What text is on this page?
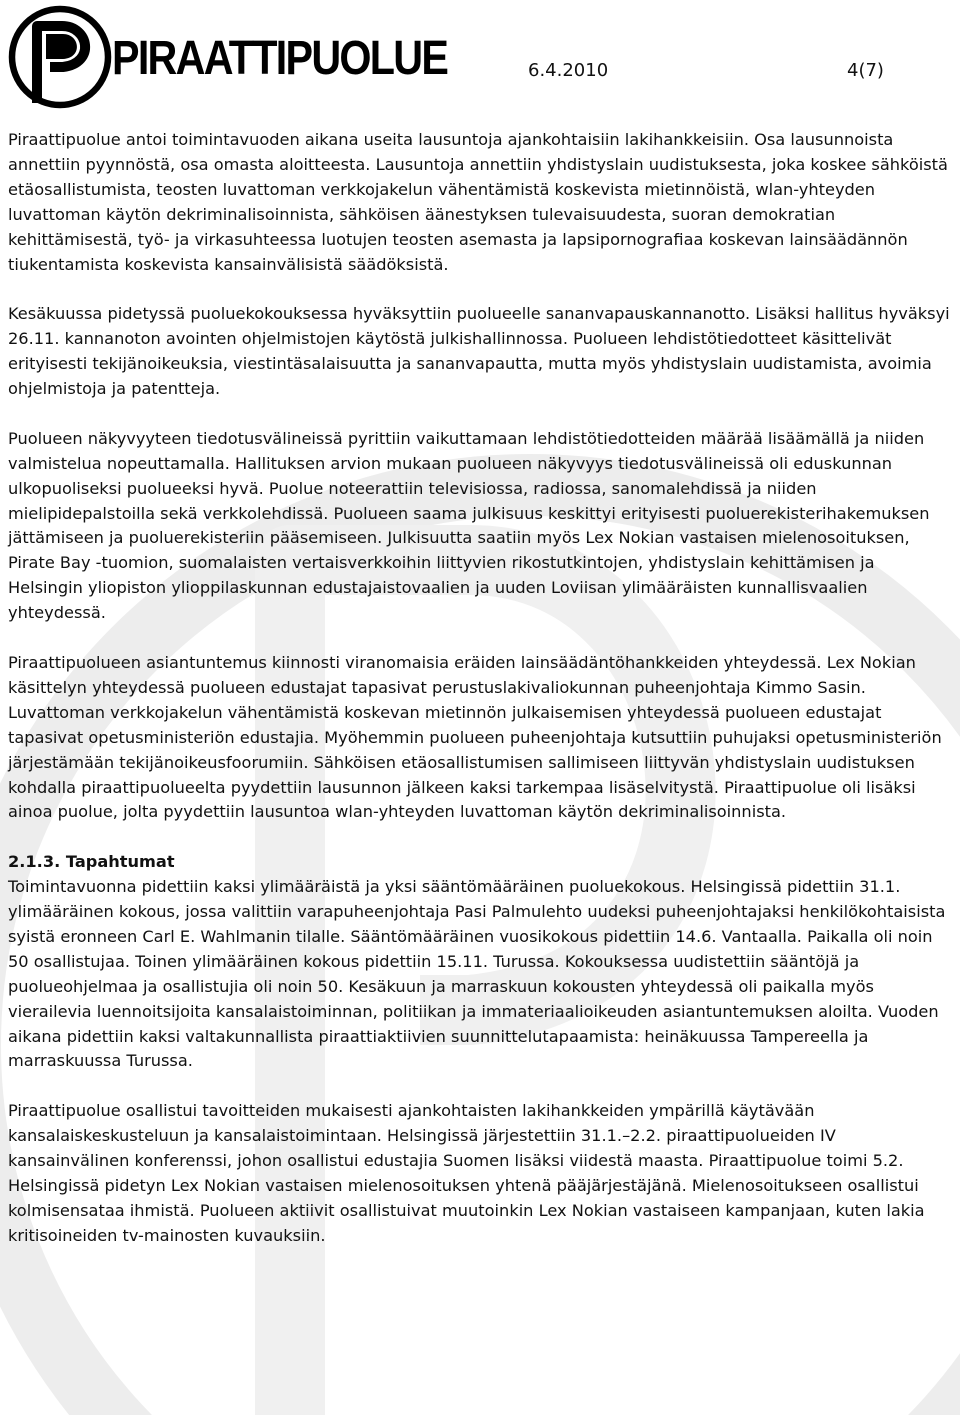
PIRAATTIPUOLUE	6.4.2010	4(7)

Piraattipuolue antoi toimintavuoden aikana useita lausuntoja ajankohtaisiin lakihankkeisiin. Osa lausunnoista annettiin pyynnöstä, osa omasta aloitteesta. Lausuntoja annettiin yhdistyslain uudistuksesta, joka koskee sähköistä etäosallistumista, teosten luvattoman verkkojakelun vähentämistä koskevista mietinnöistä, wlan-yhteyden luvattoman käytön dekriminalisoinnista, sähköisen äänestyksen tulevaisuudesta, suoran demokratian kehittämisestä, työ- ja virkasuhteessa luotujen teosten asemasta ja lapsipornografiaa koskevan lainsäädännön tiukentamista koskevista kansainvälisistä säädöksistä.

Kesäkuussa pidetyssä puoluekokouksessa hyväksyttiin puolueelle sananvapauskannanotto. Lisäksi hallitus hyväksyi 26.11. kannanoton avointen ohjelmistojen käytöstä julkishallinnossa. Puolueen lehdistötiedotteet käsittelivät erityisesti tekijänoikeuksia, viestintäsalaisuutta ja sananvapautta, mutta myös yhdistyslain uudistamista, avoimia ohjelmistoja ja patentteja.

Puolueen näkyvyyteen tiedotusvälineissä pyrittiin vaikuttamaan lehdistötiedotteiden määrää lisäämällä ja niiden valmistelua nopeuttamalla. Hallituksen arvion mukaan puolueen näkyvyys tiedotusvälineissä oli eduskunnan ulkopuoliseksi puolueeksi hyvä. Puolue noteerattiin televisiossa, radiossa, sanomalehdissä ja niiden mielipidepalstoilla sekä verkkolehdissä. Puolueen saama julkisuus keskittyi erityisesti puoluerekisterihakemuksen jättämiseen ja puoluerekisteriin pääsemiseen. Julkisuutta saatiin myös Lex Nokian vastaisen mielenosoituksen, Pirate Bay -tuomion, suomalaisten vertaisverkkoihin liittyvien rikostutkintojen, yhdistyslain kehittämisen ja Helsingin yliopiston ylioppilaskunnan edustajaistovaalien ja uuden Loviisan ylimääräisten kunnallisvaalien yhteydessä.

Piraattipuolueen asiantuntemus kiinnosti viranomaisia eräiden lainsäädäntöhankkeiden yhteydessä. Lex Nokian käsittelyn yhteydessä puolueen edustajat tapasivat perustuslakivaliokunnan puheenjohtaja Kimmo Sasin. Luvattoman verkkojakelun vähentämistä koskevan mietinnön julkaisemisen yhteydessä puolueen edustajat tapasivat opetusministeriön edustajia. Myöhemmin puolueen puheenjohtaja kutsuttiin puhujaksi opetusministeriön järjestämään tekijänoikeusfoorumiin. Sähköisen etäosallistumisen sallimiseen liittyvän yhdistyslain uudistuksen kohdalla piraattipuolueelta pyydettiin lausunnon jälkeen kaksi tarkempaa lisäselvitystä. Piraattipuolue oli lisäksi ainoa puolue, jolta pyydettiin lausuntoa wlan-yhteyden luvattoman käytön dekriminalisoinnista.

2.1.3. Tapahtumat

Toimintavuonna pidettiin kaksi ylimääräistä ja yksi sääntömääräinen puoluekokous. Helsingissä pidettiin 31.1. ylimääräinen kokous, jossa valittiin varapuheenjohtaja Pasi Palmulehto uudeksi puheenjohtajaksi henkilökohtaisista syistä eronneen Carl E. Wahlmanin tilalle. Sääntömääräinen vuosikokous pidettiin 14.6. Vantaalla. Paikalla oli noin 50 osallistujaa. Toinen ylimääräinen kokous pidettiin 15.11. Turussa. Kokouksessa uudistettiin sääntöjä ja puolueohjelmaa ja osallistujia oli noin 50. Kesäkuun ja marraskuun kokousten yhteydessä oli paikalla myös vierailevia luennoitsijoita kansalaistoiminnan, politiikan ja immateriaalioikeuden asiantuntemuksen aloilta. Vuoden aikana pidettiin kaksi valtakunnallista piraattiaktiivien suunnittelutapaamista: heinäkuussa Tampereella ja marraskuussa Turussa.

Piraattipuolue osallistui tavoitteiden mukaisesti ajankohtaisten lakihankkeiden ympärillä käytävään kansalaiskeskusteluun ja kansalaistoimintaan. Helsingissä järjestettiin 31.1.–2.2. piraattipuolueiden IV kansainvälinen konferenssi, johon osallistui edustajia Suomen lisäksi viidestä maasta. Piraattipuolue toimi 5.2. Helsingissä pidetyn Lex Nokian vastaisen mielenosoituksen yhtenä pääjärjestäjänä. Mielenosoitukseen osallistui kolmisensataa ihmistä. Puolueen aktiivit osallistuivat muutoinkin Lex Nokian vastaiseen kampanjaan, kuten lakia kritisoineiden tv-mainosten kuvauksiin.
